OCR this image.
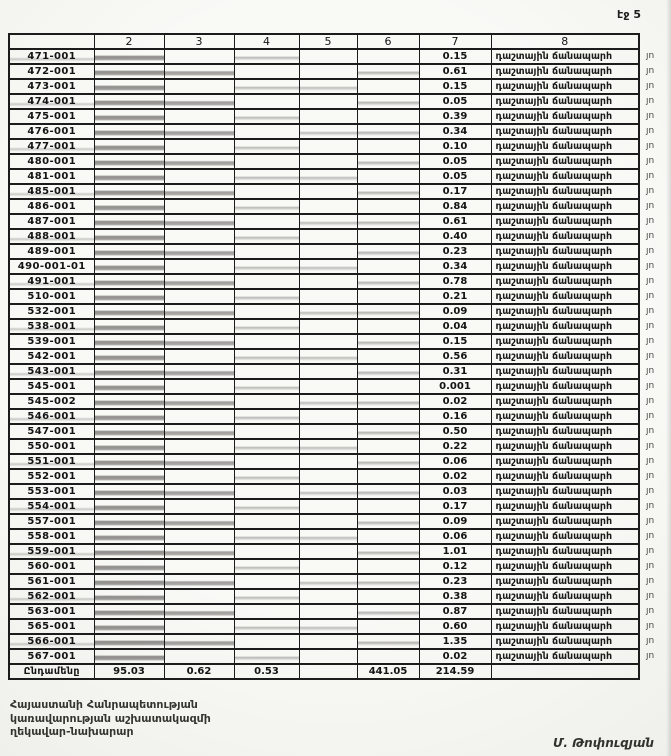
էջ 5
	2	3	4	5	6	7	8	
471-001						0.15	դաշտային ճանապարհ	յո
472-001						0.61	դաշտային ճանապարհ	յո
473-001						0.15	դաշտային ճանապարհ	յո
474-001						0.05	դաշտային ճանապարհ	յո
475-001						0.39	դաշտային ճանապարհ	յո
476-001						0.34	դաշտային ճանապարհ	յո
477-001						0.10	դաշտային ճանապարհ	յո
480-001						0.05	դաշտային ճանապարհ	յո
481-001						0.05	դաշտային ճանապարհ	յո
485-001						0.17	դաշտային ճանապարհ	յո
486-001						0.84	դաշտային ճանապարհ	յո
487-001						0.61	դաշտային ճանապարհ	յո
488-001						0.40	դաշտային ճանապարհ	յո
489-001						0.23	դաշտային ճանապարհ	յո
490-001-01						0.34	դաշտային ճանապարհ	յո
491-001						0.78	դաշտային ճանապարհ	յո
510-001						0.21	դաշտային ճանապարհ	յո
532-001						0.09	դաշտային ճանապարհ	յո
538-001						0.04	դաշտային ճանապարհ	յո
539-001						0.15	դաշտային ճանապարհ	յո
542-001						0.56	դաշտային ճանապարհ	յո
543-001						0.31	դաշտային ճանապարհ	յո
545-001						0.001	դաշտային ճանապարհ	յո
545-002						0.02	դաշտային ճանապարհ	յո
546-001						0.16	դաշտային ճանապարհ	յո
547-001						0.50	դաշտային ճանապարհ	յո
550-001						0.22	դաշտային ճանապարհ	յո
551-001						0.06	դաշտային ճանապարհ	յո
552-001						0.02	դաշտային ճանապարհ	յո
553-001						0.03	դաշտային ճանապարհ	յո
554-001						0.17	դաշտային ճանապարհ	յո
557-001						0.09	դաշտային ճանապարհ	յո
558-001						0.06	դաշտային ճանապարհ	յո
559-001						1.01	դաշտային ճանապարհ	յո
560-001						0.12	դաշտային ճանապարհ	յո
561-001						0.23	դաշտային ճանապարհ	յո
562-001						0.38	դաշտային ճանապարհ	յո
563-001						0.87	դաշտային ճանապարհ	յո
565-001						0.60	դաշտային ճանապարհ	յո
566-001						1.35	դաշտային ճանապարհ	յո
567-001						0.02	դաշտային ճանապարհ	յո
Ընդամենը	95.03	0.62	0.53		441.05	214.59		
Հայաստանի Հանրապետության
կառավարության աշխատակազմի
ղեկավար-նախարար
Մ. Թոփուզյան
